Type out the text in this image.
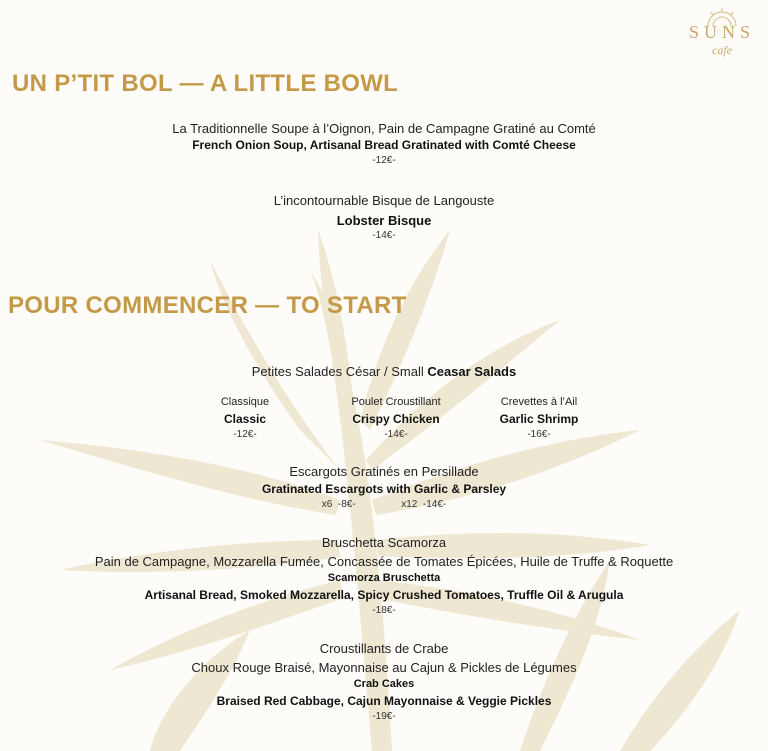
SUNS
cafe
UN P’TIT BOL — A LITTLE BOWL
La Traditionnelle Soupe à l’Oignon, Pain de Campagne Gratiné au Comté
French Onion Soup, Artisanal Bread Gratinated with Comté Cheese
-12€-
L’incontournable Bisque de Langouste
Lobster Bisque
-14€-
POUR COMMENCER — TO START
Petites Salades César / Small Ceasar Salads
Classique
Classic
-12€-
Poulet Croustillant
Crispy Chicken
-14€-
Crevettes à l’Ail
Garlic Shrimp
-16€-
Escargots Gratinés en Persillade
Gratinated Escargots with Garlic & Parsley
x6 -8€-	x12 -14€-
Bruschetta Scamorza
Pain de Campagne, Mozzarella Fumée, Concassée de Tomates Épicées, Huile de Truffe & Roquette
Scamorza Bruschetta
Artisanal Bread, Smoked Mozzarella, Spicy Crushed Tomatoes, Truffle Oil & Arugula
-18€-
Croustillants de Crabe
Choux Rouge Braisé, Mayonnaise au Cajun & Pickles de Légumes
Crab Cakes
Braised Red Cabbage, Cajun Mayonnaise & Veggie Pickles
-19€-
